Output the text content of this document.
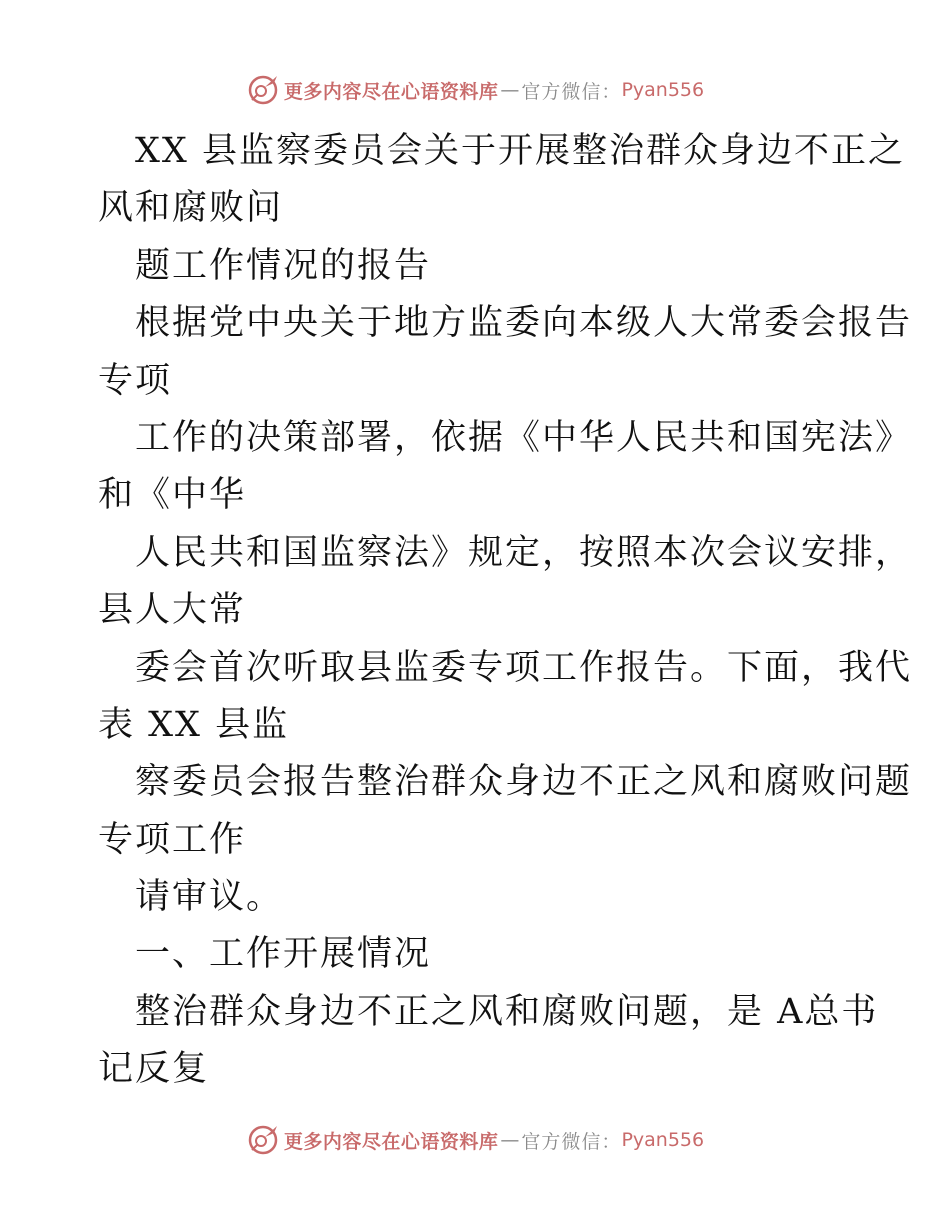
更多内容尽在心语资料库 — 官方微信： Pyan556
XX 县监察委员会关于开展整治群众身边不正之
风和腐败问
题工作情况的报告
根据党中央关于地方监委向本级人大常委会报告
专项
工作的决策部署，依据《中华人民共和国宪法》
和《中华
人民共和国监察法》规定，按照本次会议安排，
县人大常
委会首次听取县监委专项工作报告。下面，我代
表 XX 县监
察委员会报告整治群众身边不正之风和腐败问题
专项工作
请审议。
一、工作开展情况
整治群众身边不正之风和腐败问题，是 A总书
记反复
更多内容尽在心语资料库 — 官方微信： Pyan556
